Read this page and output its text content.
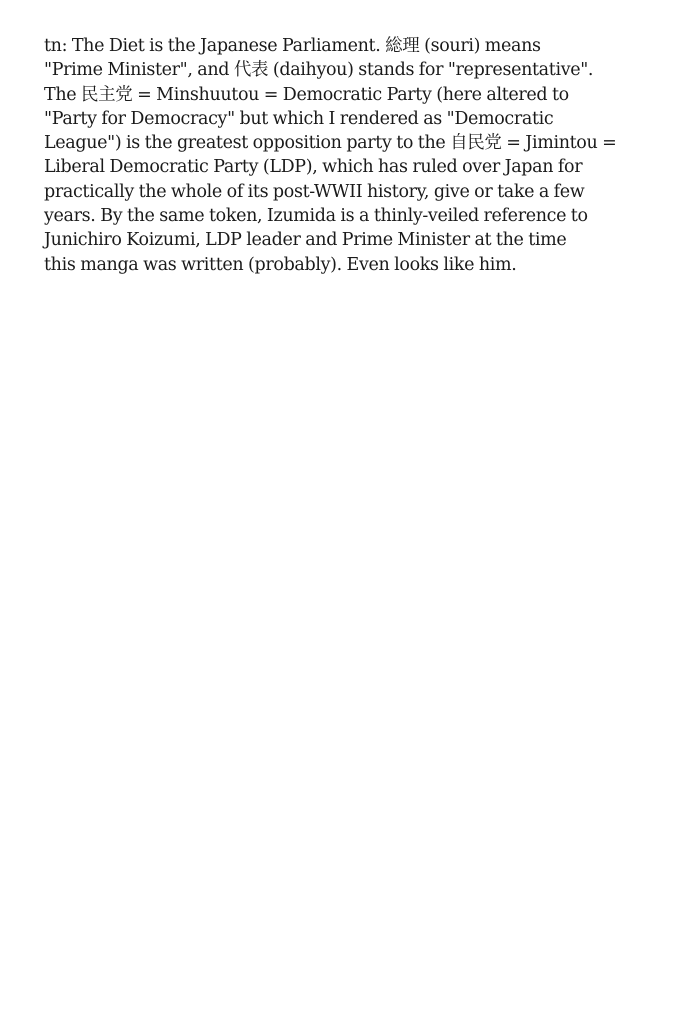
tn: The Diet is the Japanese Parliament. 総理 (souri) means
"Prime Minister", and 代表 (daihyou) stands for "representative".
The 民主党 = Minshuutou = Democratic Party (here altered to
"Party for Democracy" but which I rendered as "Democratic
League") is the greatest opposition party to the 自民党 = Jimintou =
Liberal Democratic Party (LDP), which has ruled over Japan for
practically the whole of its post-WWII history, give or take a few
years. By the same token, Izumida is a thinly-veiled reference to
Junichiro Koizumi, LDP leader and Prime Minister at the time
this manga was written (probably). Even looks like him.
